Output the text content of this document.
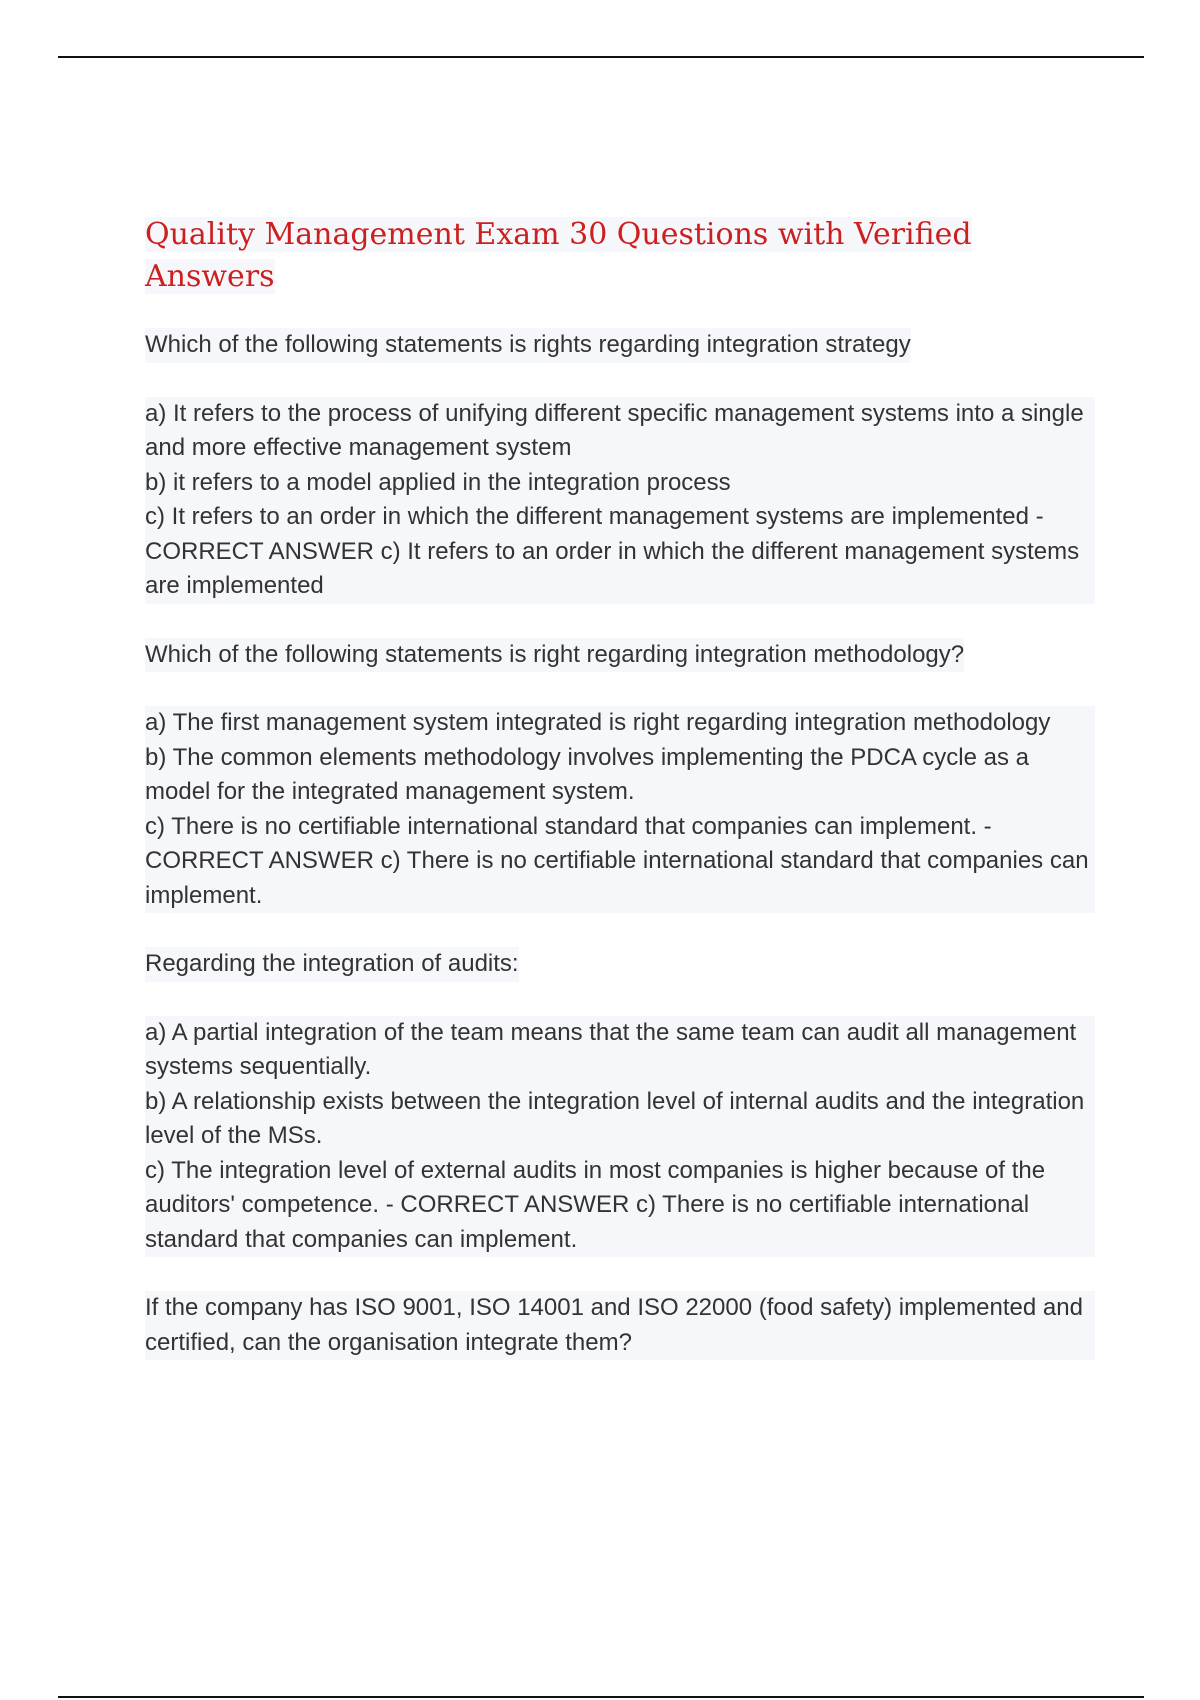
Quality Management Exam 30 Questions with Verified Answers
Which of the following statements is rights regarding integration strategy
a) It refers to the process of unifying different specific management systems into a single and more effective management system
b) it refers to a model applied in the integration process
c) It refers to an order in which the different management systems are implemented - CORRECT ANSWER c) It refers to an order in which the different management systems are implemented
Which of the following statements is right regarding integration methodology?
a) The first management system integrated is right regarding integration methodology
b) The common elements methodology involves implementing the PDCA cycle as a model for the integrated management system.
c) There is no certifiable international standard that companies can implement. - CORRECT ANSWER c) There is no certifiable international standard that companies can implement.
Regarding the integration of audits:
a) A partial integration of the team means that the same team can audit all management systems sequentially.
b) A relationship exists between the integration level of internal audits and the integration level of the MSs.
c) The integration level of external audits in most companies is higher because of the auditors' competence. - CORRECT ANSWER c) There is no certifiable international standard that companies can implement.
If the company has ISO 9001, ISO 14001 and ISO 22000 (food safety) implemented and certified, can the organisation integrate them?
